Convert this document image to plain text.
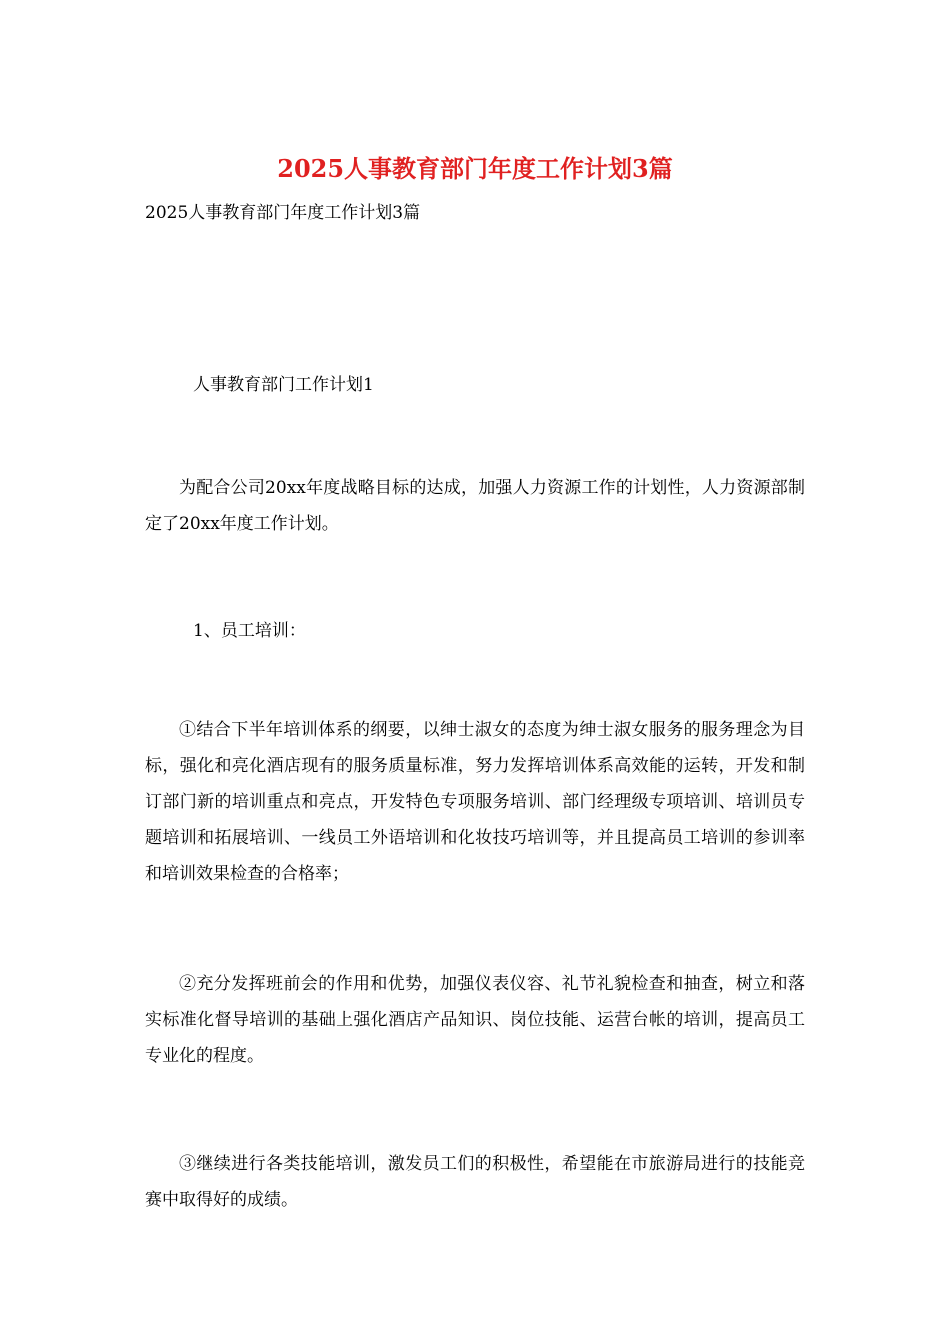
2025人事教育部门年度工作计划3篇

2025人事教育部门年度工作计划3篇

人事教育部门工作计划1

为配合公司20xx年度战略目标的达成，加强人力资源工作的计划性，人力资源部制定了20xx年度工作计划。

1、员工培训：

①结合下半年培训体系的纲要，以绅士淑女的态度为绅士淑女服务的服务理念为目标，强化和亮化酒店现有的服务质量标准，努力发挥培训体系高效能的运转，开发和制订部门新的培训重点和亮点，开发特色专项服务培训、部门经理级专项培训、培训员专题培训和拓展培训、一线员工外语培训和化妆技巧培训等，并且提高员工培训的参训率和培训效果检查的合格率；

②充分发挥班前会的作用和优势，加强仪表仪容、礼节礼貌检查和抽查，树立和落实标准化督导培训的基础上强化酒店产品知识、岗位技能、运营台帐的培训，提高员工专业化的程度。

③继续进行各类技能培训，激发员工们的积极性，希望能在市旅游局进行的技能竞赛中取得好的成绩。
